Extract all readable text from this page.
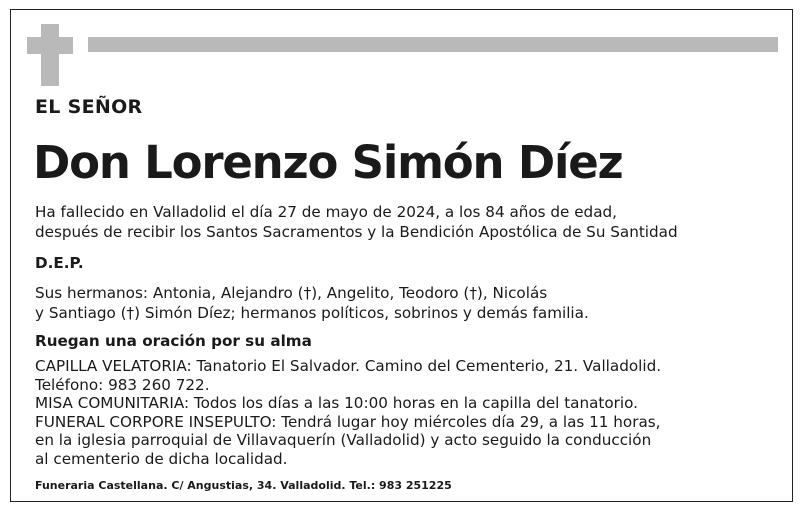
EL SEÑOR
Don Lorenzo Simón Díez
Ha fallecido en Valladolid el día 27 de mayo de 2024, a los 84 años de edad,
después de recibir los Santos Sacramentos y la Bendición Apostólica de Su Santidad
D.E.P.
Sus hermanos: Antonia, Alejandro (†), Angelito, Teodoro (†), Nicolás
y Santiago (†) Simón Díez; hermanos políticos, sobrinos y demás familia.
Ruegan una oración por su alma
CAPILLA VELATORIA: Tanatorio El Salvador. Camino del Cementerio, 21. Valladolid.
Teléfono: 983 260 722.
MISA COMUNITARIA: Todos los días a las 10:00 horas en la capilla del tanatorio.
FUNERAL CORPORE INSEPULTO: Tendrá lugar hoy miércoles día 29, a las 11 horas,
en la iglesia parroquial de Villavaquerín (Valladolid) y acto seguido la conducción
al cementerio de dicha localidad.
Funeraria Castellana. C/ Angustias, 34. Valladolid. Tel.: 983 251225
